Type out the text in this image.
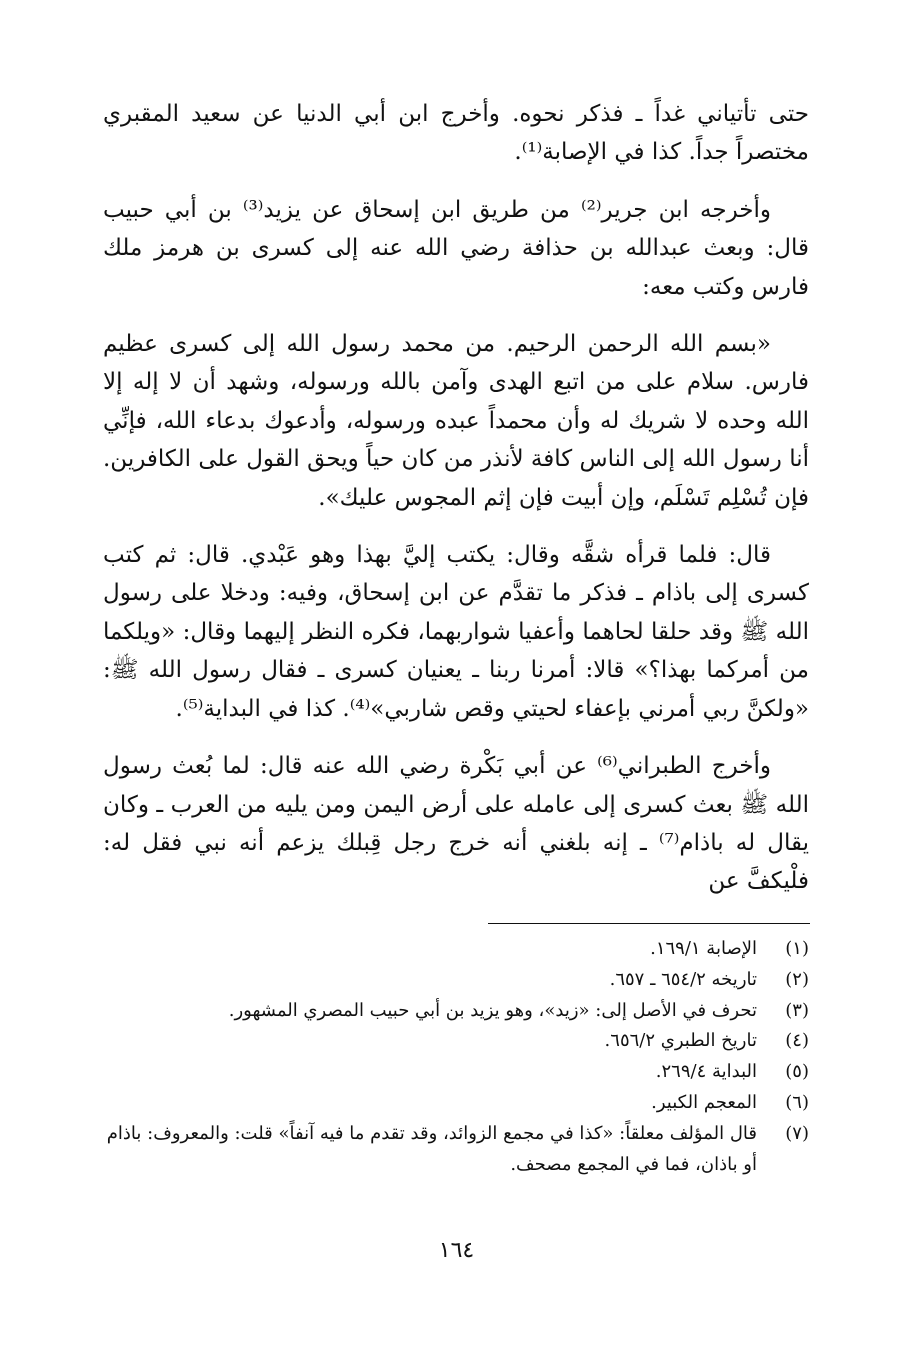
حتى تأتياني غداً ـ فذكر نحوه. وأخرج ابن أبي الدنيا عن سعيد المقبري مختصراً جداً. كذا في الإصابة⁽¹⁾.

وأخرجه ابن جرير⁽²⁾ من طريق ابن إسحاق عن يزيد⁽³⁾ بن أبي حبيب قال: وبعث عبدالله بن حذافة رضي الله عنه إلى كسرى بن هرمز ملك فارس وكتب معه:

«بسم الله الرحمن الرحيم. من محمد رسول الله إلى كسرى عظيم فارس. سلام على من اتبع الهدى وآمن بالله ورسوله، وشهد أن لا إله إلا الله وحده لا شريك له وأن محمداً عبده ورسوله، وأدعوك بدعاء الله، فإنِّي أنا رسول الله إلى الناس كافة لأنذر من كان حياً ويحق القول على الكافرين. فإن تُسْلِم تَسْلَم، وإن أبيت فإن إثم المجوس عليك».

قال: فلما قرأه شقَّه وقال: يكتب إليَّ بهذا وهو عَبْدي. قال: ثم كتب كسرى إلى باذام ـ فذكر ما تقدَّم عن ابن إسحاق، وفيه: ودخلا على رسول الله ﷺ وقد حلقا لحاهما وأعفيا شواربهما، فكره النظر إليهما وقال: «ويلكما من أمركما بهذا؟» قالا: أمرنا ربنا ـ يعنيان كسرى ـ فقال رسول الله ﷺ: «ولكنَّ ربي أمرني بإعفاء لحيتي وقص شاربي»⁽⁴⁾. كذا في البداية⁽⁵⁾.

وأخرج الطبراني⁽⁶⁾ عن أبي بَكْرة رضي الله عنه قال: لما بُعث رسول الله ﷺ بعث كسرى إلى عامله على أرض اليمن ومن يليه من العرب ـ وكان يقال له باذام⁽⁷⁾ ـ إنه بلغني أنه خرج رجل قِبلك يزعم أنه نبي فقل له: فلْيكفَّ عن

(١)
الإصابة ١٦٩/١.
(٢)
تاريخه ٦٥٤/٢ ـ ٦٥٧.
(٣)
تحرف في الأصل إلى: «زيد»، وهو يزيد بن أبي حبيب المصري المشهور.
(٤)
تاريخ الطبري ٦٥٦/٢.
(٥)
البداية ٢٦٩/٤.
(٦)
المعجم الكبير.
(٧)
قال المؤلف معلقاً: «كذا في مجمع الزوائد، وقد تقدم ما فيه آنفاً» قلت: والمعروف: باذام أو باذان، فما في المجمع مصحف.
١٦٤
